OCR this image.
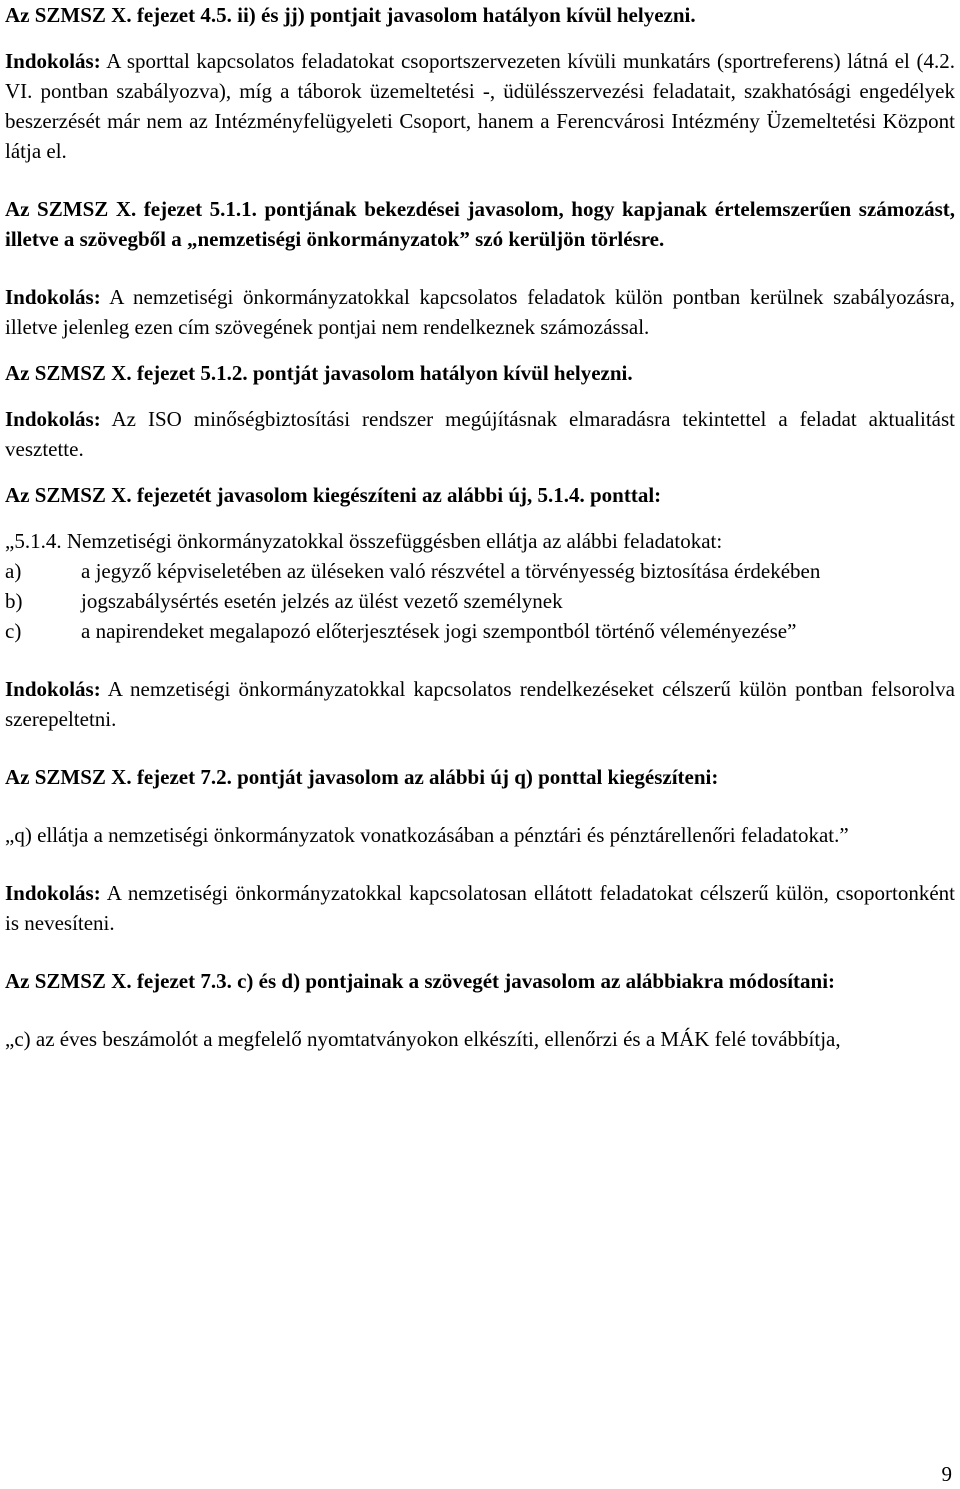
Az SZMSZ X. fejezet 4.5. ii) és jj) pontjait javasolom hatályon kívül helyezni.

Indokolás: A sporttal kapcsolatos feladatokat csoportszervezeten kívüli munkatárs (sportreferens) látná el (4.2. VI. pontban szabályozva), míg a táborok üzemeltetési -, üdülésszervezési feladatait, szakhatósági engedélyek beszerzését már nem az Intézményfelügyeleti Csoport, hanem a Ferencvárosi Intézmény Üzemeltetési Központ látja el.

Az SZMSZ X. fejezet 5.1.1. pontjának bekezdései javasolom, hogy kapjanak értelemszerűen számozást, illetve a szövegből a „nemzetiségi önkormányzatok” szó kerüljön törlésre.

Indokolás: A nemzetiségi önkormányzatokkal kapcsolatos feladatok külön pontban kerülnek szabályozásra, illetve jelenleg ezen cím szövegének pontjai nem rendelkeznek számozással.

Az SZMSZ X. fejezet 5.1.2. pontját javasolom hatályon kívül helyezni.

Indokolás: Az ISO minőségbiztosítási rendszer megújításnak elmaradásra tekintettel a feladat aktualitást vesztette.

Az SZMSZ X. fejezetét javasolom kiegészíteni az alábbi új, 5.1.4. ponttal:

„5.1.4. Nemzetiségi önkormányzatokkal összefüggésben ellátja az alábbi feladatokat:

a)	a jegyző képviseletében az üléseken való részvétel a törvényesség biztosítása érdekében
b)	jogszabálysértés esetén jelzés az ülést vezető személynek
c)	a napirendeket megalapozó előterjesztések jogi szempontból történő véleményezése”

Indokolás: A nemzetiségi önkormányzatokkal kapcsolatos rendelkezéseket célszerű külön pontban felsorolva szerepeltetni.

Az SZMSZ X. fejezet 7.2. pontját javasolom az alábbi új q) ponttal kiegészíteni:

„q) ellátja a nemzetiségi önkormányzatok vonatkozásában a pénztári és pénztárellenőri feladatokat.”

Indokolás: A nemzetiségi önkormányzatokkal kapcsolatosan ellátott feladatokat célszerű külön, csoportonként is nevesíteni.

Az SZMSZ X. fejezet 7.3. c) és d) pontjainak a szövegét javasolom az alábbiakra módosítani:

„c) az éves beszámolót a megfelelő nyomtatványokon elkészíti, ellenőrzi és a MÁK felé továbbítja,

9
